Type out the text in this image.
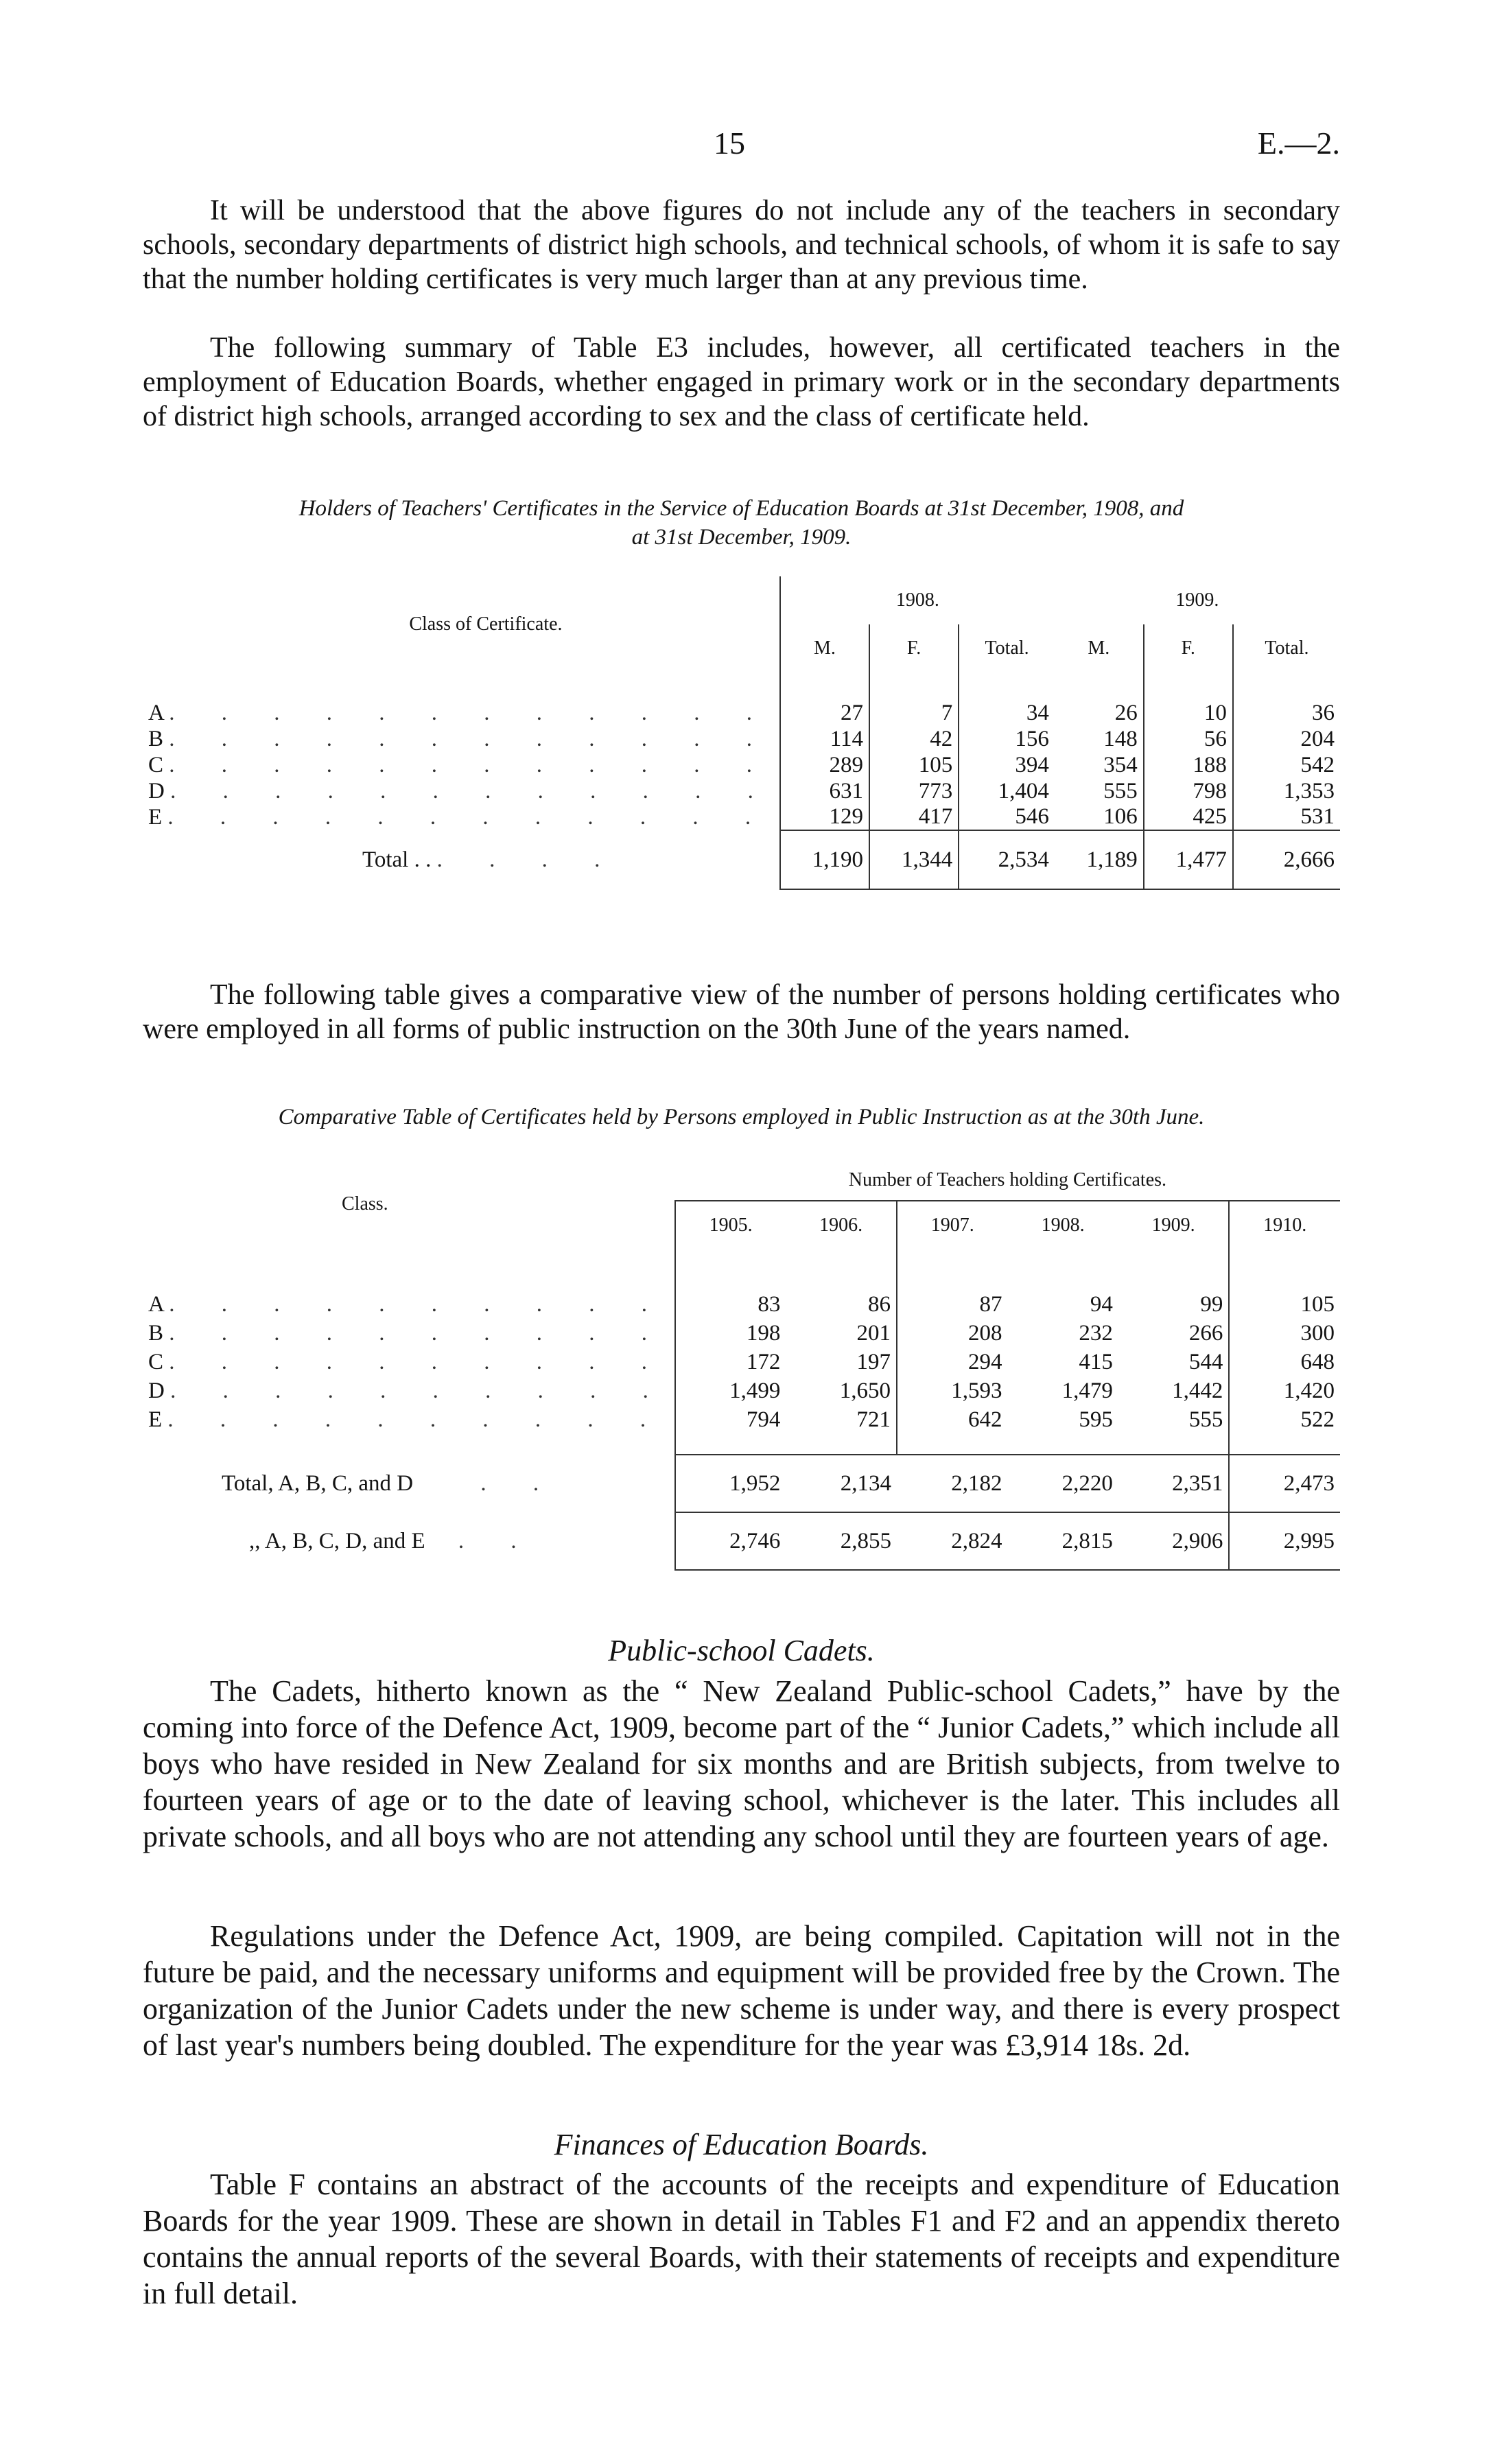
15	E.—2.

It will be understood that the above figures do not include any of the teachers in secondary schools, secondary departments of district high schools, and technical schools, of whom it is safe to say that the number holding certificates is very much larger than at any previous time.

The following summary of Table E3 includes, however, all certificated teachers in the employment of Education Boards, whether engaged in primary work or in the secondary departments of district high schools, arranged according to sex and the class of certificate held.

Holders of Teachers' Certificates in the Service of Education Boards at 31st December, 1908, and
at 31st December, 1909.

Class of Certificate.	1908.			1909.		
	M.	F.	Total.	M.	F.	Total.

A . . . . . . . . . . . .	27	7	34	26	10	36
B . . . . . . . . . . . .	114	42	156	148	56	204
C . . . . . . . . . . . .	289	105	394	354	188	542
D . . . . . . . . . . . .	631	773	1,404	555	798	1,353
E . . . . . . . . . . . .	129	417	546	106	425	531
Total . . . . . .	1,190	1,344	2,534	1,189	1,477	2,666

The following table gives a comparative view of the number of persons holding certificates who were employed in all forms of public instruction on the 30th June of the years named.

Comparative Table of Certificates held by Persons employed in Public Instruction as at the 30th June.

Class.	Number of Teachers holding Certificates.					
	1905.	1906.	1907.	1908.	1909.	1910.

A . . . . . . . . . .	83	86	87	94	99	105
B . . . . . . . . . .	198	201	208	232	266	300
C . . . . . . . . . .	172	197	294	415	544	648
D . . . . . . . . . .	1,499	1,650	1,593	1,479	1,442	1,420
E . . . . . . . . . .	794	721	642	595	555	522

Total, A, B, C, and D . .	1,952	2,134	2,182	2,220	2,351	2,473
,, A, B, C, D, and E . .	2,746	2,855	2,824	2,815	2,906	2,995

Public-school Cadets.

The Cadets, hitherto known as the “ New Zealand Public-school Cadets,” have by the coming into force of the Defence Act, 1909, become part of the “ Junior Cadets,” which include all boys who have resided in New Zealand for six months and are British subjects, from twelve to fourteen years of age or to the date of leaving school, whichever is the later. This includes all private schools, and all boys who are not attending any school until they are fourteen years of age.

Regulations under the Defence Act, 1909, are being compiled. Capitation will not in the future be paid, and the necessary uniforms and equipment will be provided free by the Crown. The organization of the Junior Cadets under the new scheme is under way, and there is every prospect of last year's numbers being doubled. The expenditure for the year was £3,914 18s. 2d.

Finances of Education Boards.

Table F contains an abstract of the accounts of the receipts and expenditure of Education Boards for the year 1909. These are shown in detail in Tables F1 and F2 and an appendix thereto contains the annual reports of the several Boards, with their statements of receipts and expenditure in full detail.
